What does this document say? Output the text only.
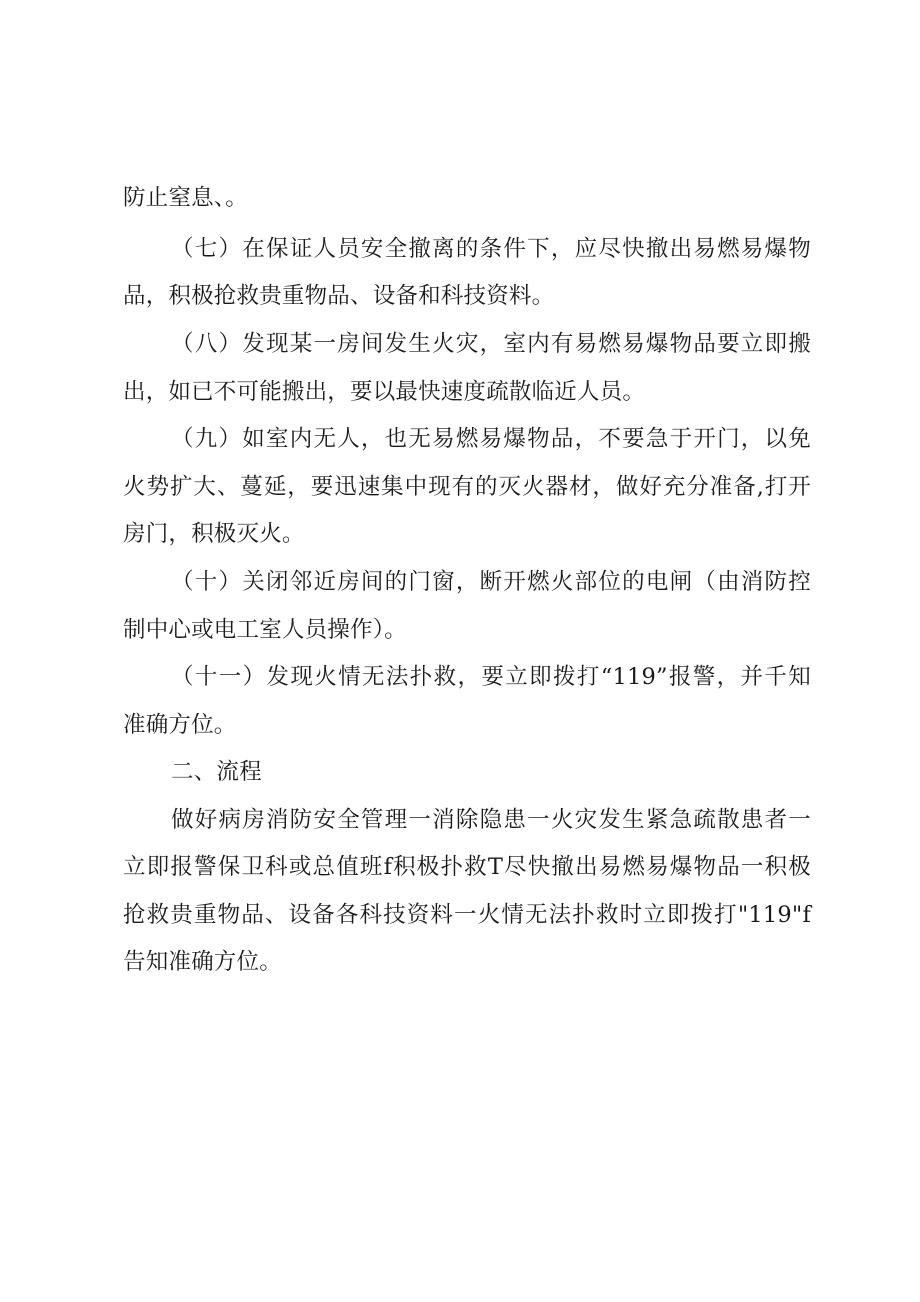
防止窒息、。
（七）在保证人员安全撤离的条件下，应尽快撤出易燃易爆物
品，积极抢救贵重物品、设备和科技资料。
（八）发现某一房间发生火灾，室内有易燃易爆物品要立即搬
出，如已不可能搬出，要以最快速度疏散临近人员。
（九）如室内无人，也无易燃易爆物品，不要急于开门，以免
火势扩大、蔓延，要迅速集中现有的灭火器材，做好充分准备,打开
房门，积极灭火。
（十）关闭邻近房间的门窗，断开燃火部位的电闸（由消防控
制中心或电工室人员操作）。
（十一）发现火情无法扑救，要立即拨打“119”报警，并千知
准确方位。
二、流程
做好病房消防安全管理一消除隐患一火灾发生紧急疏散患者一
立即报警保卫科或总值班f积极扑救T尽快撤出易燃易爆物品一积极
抢救贵重物品、设备各科技资料一火情无法扑救时立即拨打"119"f
告知准确方位。
